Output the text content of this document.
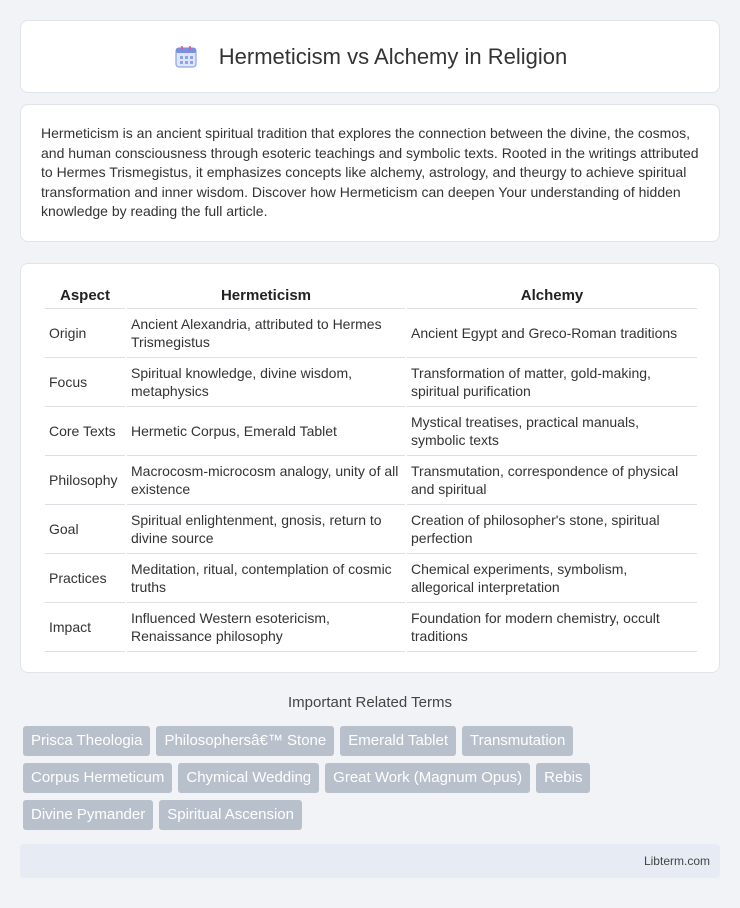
Hermeticism vs Alchemy in Religion

Hermeticism is an ancient spiritual tradition that explores the connection between the divine, the cosmos, and human consciousness through esoteric teachings and symbolic texts. Rooted in the writings attributed to Hermes Trismegistus, it emphasizes concepts like alchemy, astrology, and theurgy to achieve spiritual transformation and inner wisdom. Discover how Hermeticism can deepen Your understanding of hidden knowledge by reading the full article.

Aspect	Hermeticism	Alchemy
Origin	Ancient Alexandria, attributed to Hermes Trismegistus	Ancient Egypt and Greco-Roman traditions
Focus	Spiritual knowledge, divine wisdom, metaphysics	Transformation of matter, gold-making, spiritual purification
Core Texts	Hermetic Corpus, Emerald Tablet	Mystical treatises, practical manuals, symbolic texts
Philosophy	Macrocosm-microcosm analogy, unity of all existence	Transmutation, correspondence of physical and spiritual
Goal	Spiritual enlightenment, gnosis, return to divine source	Creation of philosopher's stone, spiritual perfection
Practices	Meditation, ritual, contemplation of cosmic truths	Chemical experiments, symbolism, allegorical interpretation
Impact	Influenced Western esotericism, Renaissance philosophy	Foundation for modern chemistry, occult traditions
Important Related Terms
Prisca Theologia	Philosophersâ€™ Stone	Emerald Tablet	Transmutation
Corpus Hermeticum	Chymical Wedding	Great Work (Magnum Opus)	Rebis
Divine Pymander	Spiritual Ascension
Libterm.com
